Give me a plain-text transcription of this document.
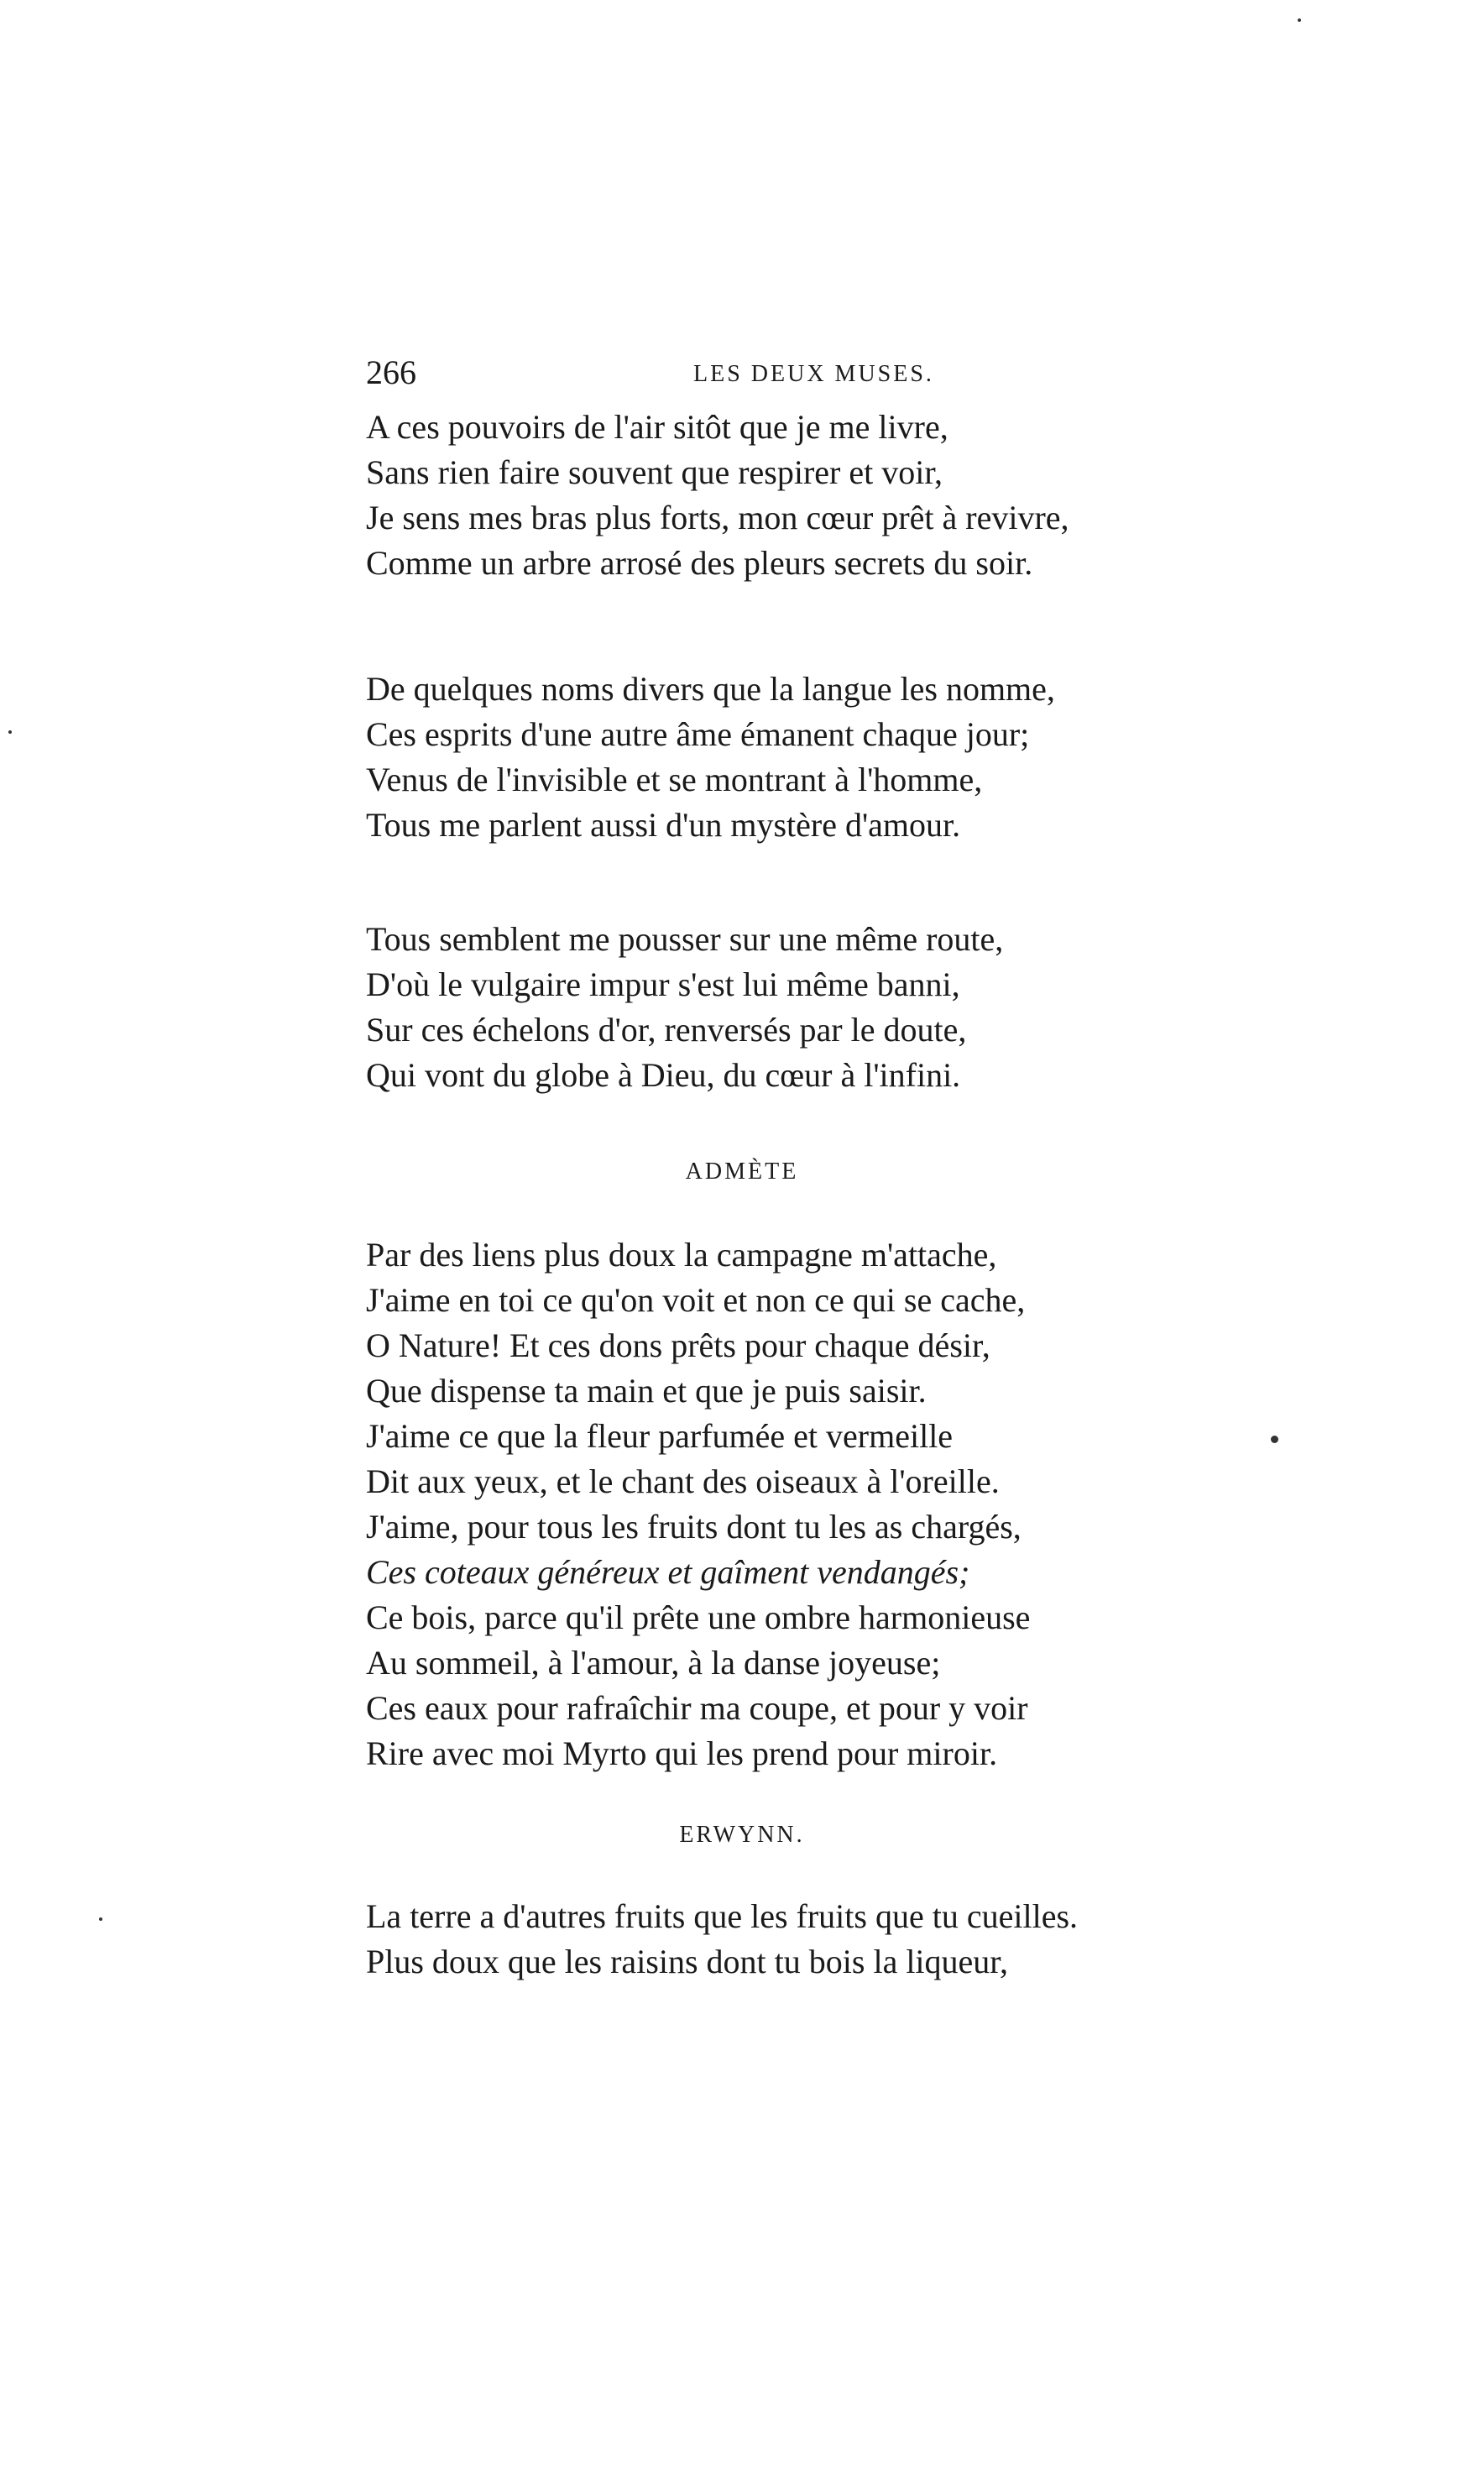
266	LES DEUX MUSES.
A ces pouvoirs de l'air sitôt que je me livre,
Sans rien faire souvent que respirer et voir,
Je sens mes bras plus forts, mon cœur prêt à revivre,
Comme un arbre arrosé des pleurs secrets du soir.
De quelques noms divers que la langue les nomme,
Ces esprits d'une autre âme émanent chaque jour;
Venus de l'invisible et se montrant à l'homme,
Tous me parlent aussi d'un mystère d'amour.
Tous semblent me pousser sur une même route,
D'où le vulgaire impur s'est lui même banni,
Sur ces échelons d'or, renversés par le doute,
Qui vont du globe à Dieu, du cœur à l'infini.
ADMÈTE
Par des liens plus doux la campagne m'attache,
J'aime en toi ce qu'on voit et non ce qui se cache,
O Nature! Et ces dons prêts pour chaque désir,
Que dispense ta main et que je puis saisir.
J'aime ce que la fleur parfumée et vermeille
Dit aux yeux, et le chant des oiseaux à l'oreille.
J'aime, pour tous les fruits dont tu les as chargés,
Ces coteaux généreux et gaîment vendangés;
Ce bois, parce qu'il prête une ombre harmonieuse
Au sommeil, à l'amour, à la danse joyeuse;
Ces eaux pour rafraîchir ma coupe, et pour y voir
Rire avec moi Myrto qui les prend pour miroir.
ERWYNN.
La terre a d'autres fruits que les fruits que tu cueilles.
Plus doux que les raisins dont tu bois la liqueur,
